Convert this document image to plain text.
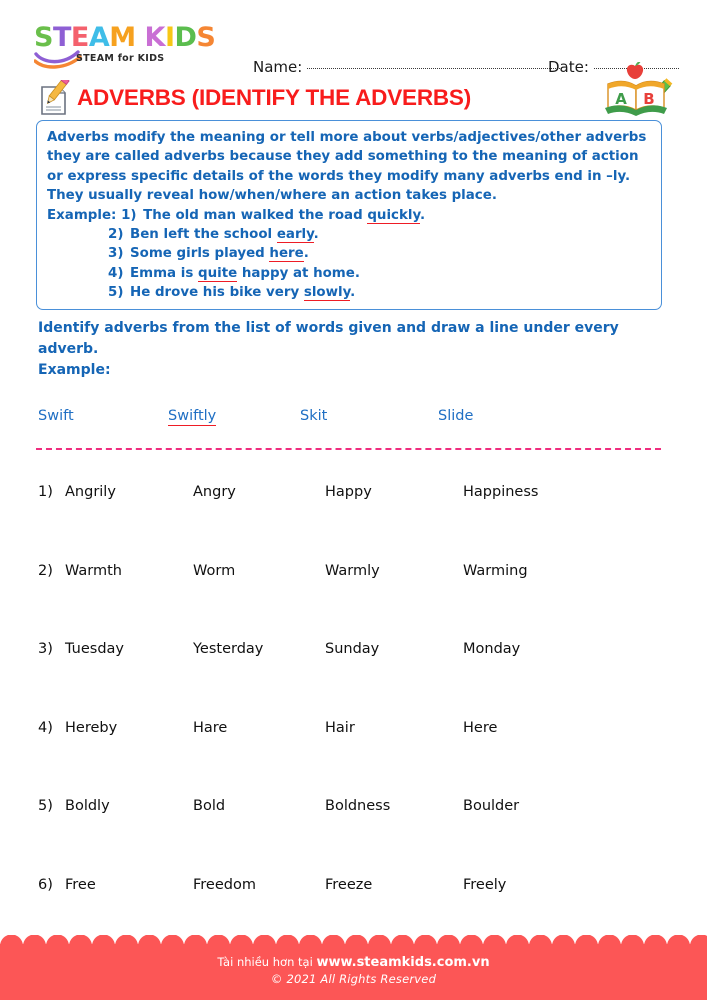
STEAM KIDS
STEAM for KIDS	Name:	Date:
ADVERBS (IDENTIFY THE ADVERBS)	A B
Adverbs modify the meaning or tell more about verbs/adjectives/other adverbs they are called adverbs because they add something to the meaning of action or express specific details of the words they modify many adverbs end in –ly. They usually reveal how/when/where an action takes place.
Example: 1) The old man walked the road quickly.
2) Ben left the school early.
3) Some girls played here.
4) Emma is quite happy at home.
5) He drove his bike very slowly.
Identify adverbs from the list of words given and draw a line under every adverb.
Example:
Swift	Swiftly	Skit	Slide
1) Angrily	Angry	Happy	Happiness
2) Warmth	Worm	Warmly	Warming
3) Tuesday	Yesterday	Sunday	Monday
4) Hereby	Hare	Hair	Here
5) Boldly	Bold	Boldness	Boulder
6) Free	Freedom	Freeze	Freely
Tài nhiều hơn tại www.steamkids.com.vn
© 2021 All Rights Reserved
